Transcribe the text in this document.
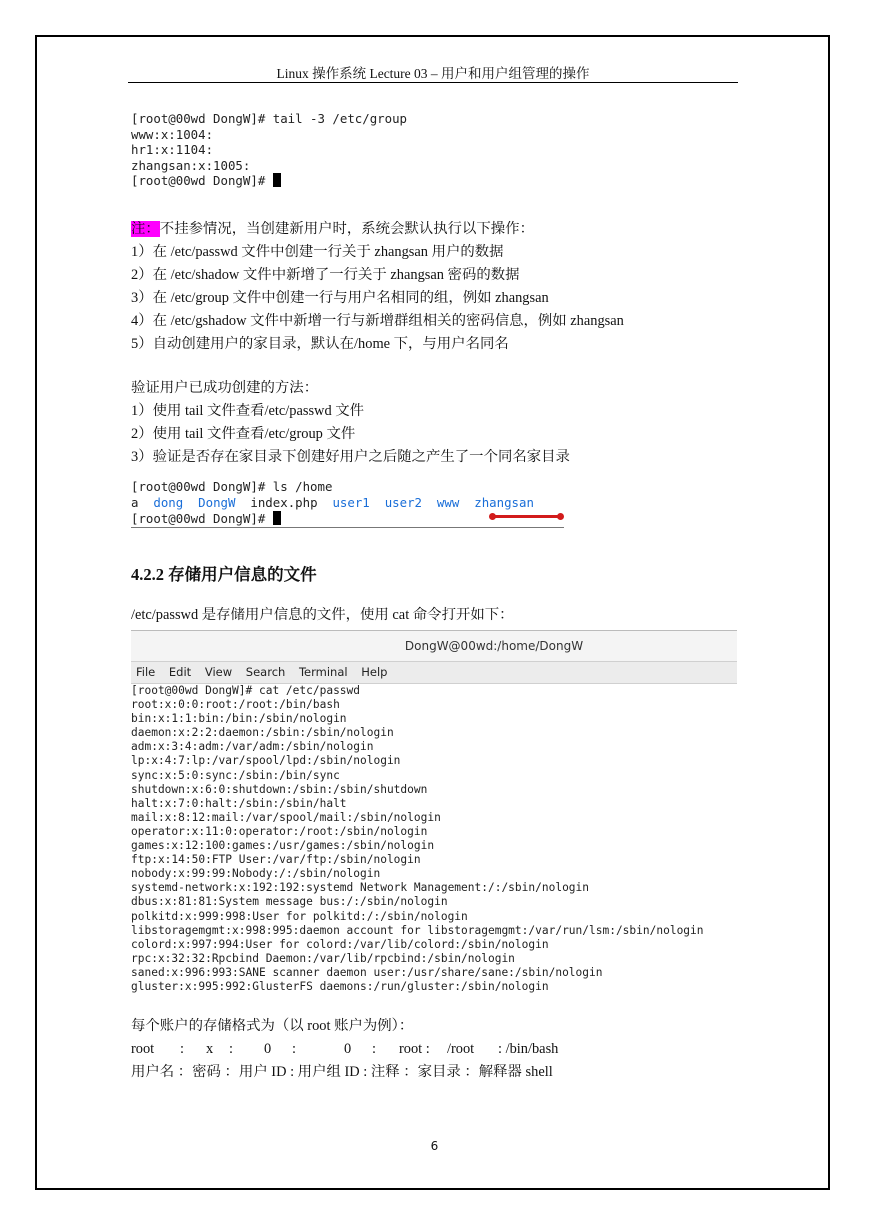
Linux 操作系统 Lecture 03 – 用户和用户组管理的操作
[root@00wd DongW]# tail -3 /etc/group
www:x:1004:
hr1:x:1104:
zhangsan:x:1005:
[root@00wd DongW]#
注：不挂参情况，当创建新用户时，系统会默认执行以下操作：
1）在 /etc/passwd 文件中创建一行关于 zhangsan 用户的数据
2）在 /etc/shadow 文件中新增了一行关于 zhangsan 密码的数据
3）在 /etc/group 文件中创建一行与用户名相同的组，例如 zhangsan
4）在 /etc/gshadow 文件中新增一行与新增群组相关的密码信息，例如 zhangsan
5）自动创建用户的家目录，默认在/home 下，与用户名同名
验证用户已成功创建的方法：
1）使用 tail 文件查看/etc/passwd 文件
2）使用 tail 文件查看/etc/group 文件
3）验证是否存在家目录下创建好用户之后随之产生了一个同名家目录
[root@00wd DongW]# ls /home
a dong DongW index.php user1 user2 www zhangsan
[root@00wd DongW]#
4.2.2 存储用户信息的文件
/etc/passwd 是存储用户信息的文件，使用 cat 命令打开如下：
DongW@00wd:/home/DongW
File Edit View Search Terminal Help
[root@00wd DongW]# cat /etc/passwd
root:x:0:0:root:/root:/bin/bash
bin:x:1:1:bin:/bin:/sbin/nologin
daemon:x:2:2:daemon:/sbin:/sbin/nologin
adm:x:3:4:adm:/var/adm:/sbin/nologin
lp:x:4:7:lp:/var/spool/lpd:/sbin/nologin
sync:x:5:0:sync:/sbin:/bin/sync
shutdown:x:6:0:shutdown:/sbin:/sbin/shutdown
halt:x:7:0:halt:/sbin:/sbin/halt
mail:x:8:12:mail:/var/spool/mail:/sbin/nologin
operator:x:11:0:operator:/root:/sbin/nologin
games:x:12:100:games:/usr/games:/sbin/nologin
ftp:x:14:50:FTP User:/var/ftp:/sbin/nologin
nobody:x:99:99:Nobody:/:/sbin/nologin
systemd-network:x:192:192:systemd Network Management:/:/sbin/nologin
dbus:x:81:81:System message bus:/:/sbin/nologin
polkitd:x:999:998:User for polkitd:/:/sbin/nologin
libstoragemgmt:x:998:995:daemon account for libstoragemgmt:/var/run/lsm:/sbin/nologin
colord:x:997:994:User for colord:/var/lib/colord:/sbin/nologin
rpc:x:32:32:Rpcbind Daemon:/var/lib/rpcbind:/sbin/nologin
saned:x:996:993:SANE scanner daemon user:/usr/share/sane:/sbin/nologin
gluster:x:995:992:GlusterFS daemons:/run/gluster:/sbin/nologin
每个账户的存储格式为（以 root 账户为例）：
root : x : 0 :	0 : root : /root : /bin/bash
用户名 ：密码 ：用户 ID : 用户组 ID : 注释 ：家目录 ：解释器 shell
6
